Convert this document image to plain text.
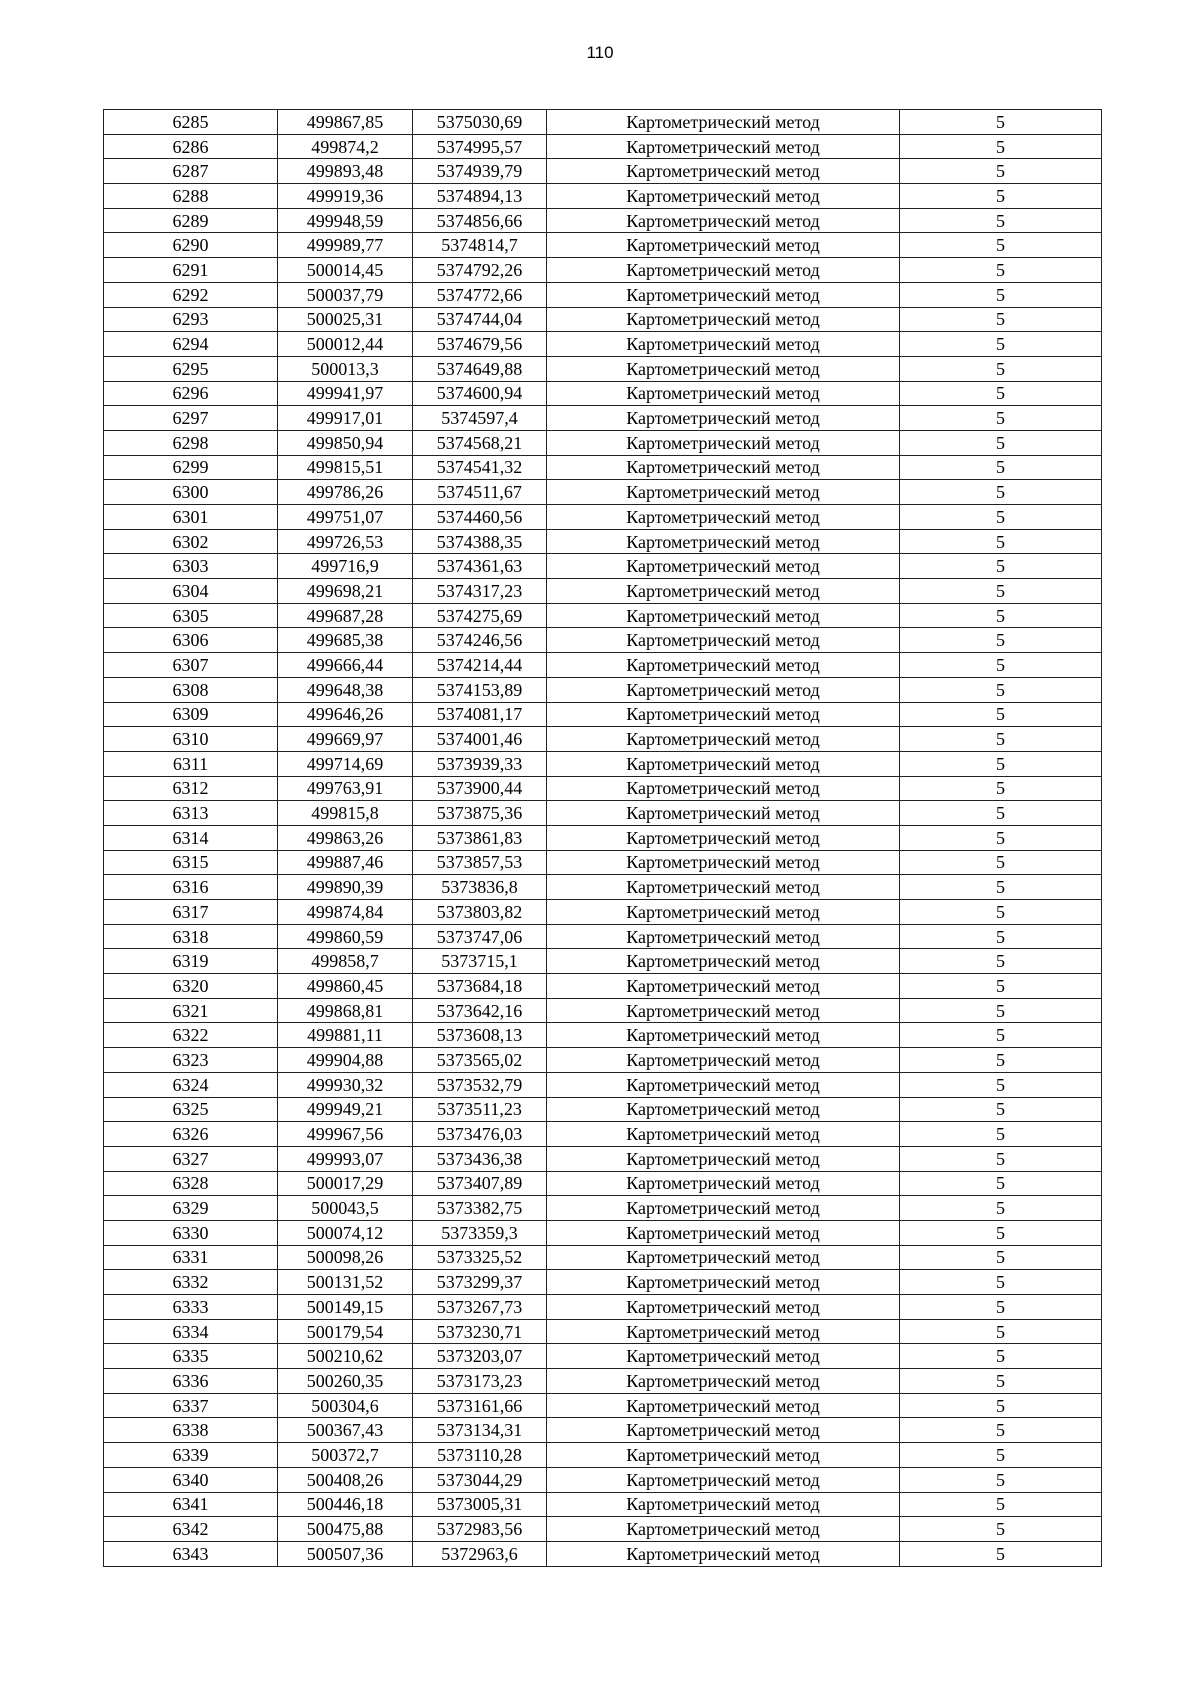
110
6285	499867,85	5375030,69	Картометрический метод	5
6286	499874,2	5374995,57	Картометрический метод	5
6287	499893,48	5374939,79	Картометрический метод	5
6288	499919,36	5374894,13	Картометрический метод	5
6289	499948,59	5374856,66	Картометрический метод	5
6290	499989,77	5374814,7	Картометрический метод	5
6291	500014,45	5374792,26	Картометрический метод	5
6292	500037,79	5374772,66	Картометрический метод	5
6293	500025,31	5374744,04	Картометрический метод	5
6294	500012,44	5374679,56	Картометрический метод	5
6295	500013,3	5374649,88	Картометрический метод	5
6296	499941,97	5374600,94	Картометрический метод	5
6297	499917,01	5374597,4	Картометрический метод	5
6298	499850,94	5374568,21	Картометрический метод	5
6299	499815,51	5374541,32	Картометрический метод	5
6300	499786,26	5374511,67	Картометрический метод	5
6301	499751,07	5374460,56	Картометрический метод	5
6302	499726,53	5374388,35	Картометрический метод	5
6303	499716,9	5374361,63	Картометрический метод	5
6304	499698,21	5374317,23	Картометрический метод	5
6305	499687,28	5374275,69	Картометрический метод	5
6306	499685,38	5374246,56	Картометрический метод	5
6307	499666,44	5374214,44	Картометрический метод	5
6308	499648,38	5374153,89	Картометрический метод	5
6309	499646,26	5374081,17	Картометрический метод	5
6310	499669,97	5374001,46	Картометрический метод	5
6311	499714,69	5373939,33	Картометрический метод	5
6312	499763,91	5373900,44	Картометрический метод	5
6313	499815,8	5373875,36	Картометрический метод	5
6314	499863,26	5373861,83	Картометрический метод	5
6315	499887,46	5373857,53	Картометрический метод	5
6316	499890,39	5373836,8	Картометрический метод	5
6317	499874,84	5373803,82	Картометрический метод	5
6318	499860,59	5373747,06	Картометрический метод	5
6319	499858,7	5373715,1	Картометрический метод	5
6320	499860,45	5373684,18	Картометрический метод	5
6321	499868,81	5373642,16	Картометрический метод	5
6322	499881,11	5373608,13	Картометрический метод	5
6323	499904,88	5373565,02	Картометрический метод	5
6324	499930,32	5373532,79	Картометрический метод	5
6325	499949,21	5373511,23	Картометрический метод	5
6326	499967,56	5373476,03	Картометрический метод	5
6327	499993,07	5373436,38	Картометрический метод	5
6328	500017,29	5373407,89	Картометрический метод	5
6329	500043,5	5373382,75	Картометрический метод	5
6330	500074,12	5373359,3	Картометрический метод	5
6331	500098,26	5373325,52	Картометрический метод	5
6332	500131,52	5373299,37	Картометрический метод	5
6333	500149,15	5373267,73	Картометрический метод	5
6334	500179,54	5373230,71	Картометрический метод	5
6335	500210,62	5373203,07	Картометрический метод	5
6336	500260,35	5373173,23	Картометрический метод	5
6337	500304,6	5373161,66	Картометрический метод	5
6338	500367,43	5373134,31	Картометрический метод	5
6339	500372,7	5373110,28	Картометрический метод	5
6340	500408,26	5373044,29	Картометрический метод	5
6341	500446,18	5373005,31	Картометрический метод	5
6342	500475,88	5372983,56	Картометрический метод	5
6343	500507,36	5372963,6	Картометрический метод	5
